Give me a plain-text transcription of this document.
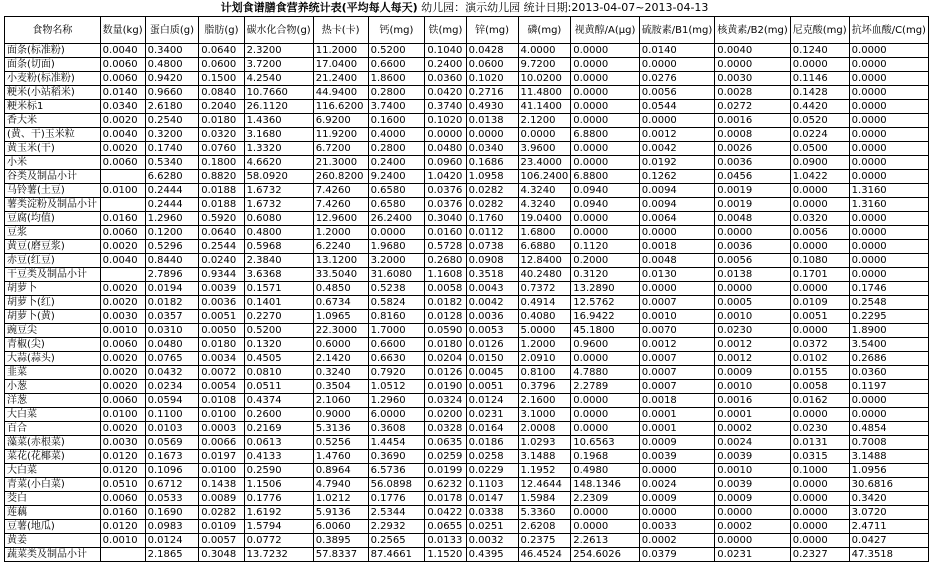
计划食谱膳食营养统计表(平均每人每天) 幼儿园：演示幼儿园 统计日期:2013-04-07~2013-04-13
食物名称	数量(kg)	蛋白质(g)	脂肪(g)	碳水化合物(g)	热卡(卡)	钙(mg)	铁(mg)	锌(mg)	磷(mg)	视黄醇/A(μg)	硫胺素/B1(mg)	核黄素/B2(mg)	尼克酸(mg)	抗坏血酸/C(mg)
面条(标准粉)	0.0040	0.3400	0.0640	2.3200	11.2000	0.5200	0.1040	0.0428	4.0000	0.0000	0.0140	0.0040	0.1240	0.0000
面条(切面)	0.0060	0.4800	0.0600	3.7200	17.0400	0.6600	0.2400	0.0600	9.7200	0.0000	0.0000	0.0000	0.0000	0.0000
小麦粉(标准粉)	0.0060	0.9420	0.1500	4.2540	21.2400	1.8600	0.0360	0.1020	10.0200	0.0000	0.0276	0.0030	0.1146	0.0000
粳米(小站稻米)	0.0140	0.9660	0.0840	10.7660	44.9400	0.2800	0.0420	0.2716	11.4800	0.0000	0.0056	0.0028	0.1428	0.0000
粳米标1	0.0340	2.6180	0.2040	26.1120	116.6200	3.7400	0.3740	0.4930	41.1400	0.0000	0.0544	0.0272	0.4420	0.0000
香大米	0.0020	0.2540	0.0180	1.4360	6.9200	0.1600	0.1020	0.0138	2.1200	0.0000	0.0000	0.0016	0.0520	0.0000
(黄、干)玉米粒	0.0040	0.3200	0.0320	3.1680	11.9200	0.4000	0.0000	0.0000	0.0000	6.8800	0.0012	0.0008	0.0224	0.0000
黄玉米(干)	0.0020	0.1740	0.0760	1.3320	6.7200	0.2800	0.0480	0.0340	3.9600	0.0000	0.0042	0.0026	0.0500	0.0000
小米	0.0060	0.5340	0.1800	4.6620	21.3000	0.2400	0.0960	0.1686	23.4000	0.0000	0.0192	0.0036	0.0900	0.0000
谷类及制品小计		6.6280	0.8820	58.0920	260.8200	9.2400	1.0420	1.0958	106.2400	6.8800	0.1262	0.0456	1.0422	0.0000
马铃薯(土豆)	0.0100	0.2444	0.0188	1.6732	7.4260	0.6580	0.0376	0.0282	4.3240	0.0940	0.0094	0.0019	0.0000	1.3160
薯类淀粉及制品小计		0.2444	0.0188	1.6732	7.4260	0.6580	0.0376	0.0282	4.3240	0.0940	0.0094	0.0019	0.0000	1.3160
豆腐(均值)	0.0160	1.2960	0.5920	0.6080	12.9600	26.2400	0.3040	0.1760	19.0400	0.0000	0.0064	0.0048	0.0320	0.0000
豆浆	0.0060	0.1200	0.0640	0.4800	1.2000	0.0000	0.0160	0.0112	1.6800	0.0000	0.0000	0.0000	0.0056	0.0000
黄豆(磨豆浆)	0.0020	0.5296	0.2544	0.5968	6.2240	1.9680	0.5728	0.0738	6.6880	0.1120	0.0018	0.0036	0.0000	0.0000
赤豆(红豆)	0.0040	0.8440	0.0240	2.3840	13.1200	3.2000	0.2680	0.0908	12.8400	0.2000	0.0048	0.0056	0.1080	0.0000
干豆类及制品小计		2.7896	0.9344	3.6368	33.5040	31.6080	1.1608	0.3518	40.2480	0.3120	0.0130	0.0138	0.1701	0.0000
胡萝卜	0.0020	0.0194	0.0039	0.1571	0.4850	0.5238	0.0058	0.0043	0.7372	13.2890	0.0000	0.0000	0.0000	0.1746
胡萝卜(红)	0.0020	0.0182	0.0036	0.1401	0.6734	0.5824	0.0182	0.0042	0.4914	12.5762	0.0007	0.0005	0.0109	0.2548
胡萝卜(黄)	0.0030	0.0357	0.0051	0.2270	1.0965	0.8160	0.0128	0.0036	0.4080	16.9422	0.0010	0.0010	0.0051	0.2295
豌豆尖	0.0010	0.0310	0.0050	0.5200	22.3000	1.7000	0.0590	0.0053	5.0000	45.1800	0.0070	0.0230	0.0000	1.8900
青椒(尖)	0.0060	0.0480	0.0180	0.1320	0.6000	0.6600	0.0180	0.0126	1.2000	0.9600	0.0012	0.0012	0.0372	3.5400
大蒜(蒜头)	0.0020	0.0765	0.0034	0.4505	2.1420	0.6630	0.0204	0.0150	2.0910	0.0000	0.0007	0.0012	0.0102	0.2686
韭菜	0.0020	0.0432	0.0072	0.0810	0.3240	0.7920	0.0126	0.0045	0.8100	4.7880	0.0007	0.0009	0.0155	0.0360
小葱	0.0020	0.0234	0.0054	0.0511	0.3504	1.0512	0.0190	0.0051	0.3796	2.2789	0.0007	0.0010	0.0058	0.1197
洋葱	0.0060	0.0594	0.0108	0.4374	2.1060	1.2960	0.0324	0.0124	2.1600	0.0000	0.0018	0.0016	0.0162	0.0000
大白菜	0.0100	0.1100	0.0100	0.2600	0.9000	6.0000	0.0200	0.0231	3.1000	0.0000	0.0001	0.0001	0.0000	0.0000
百合	0.0020	0.0103	0.0003	0.2169	5.3136	0.3608	0.0328	0.0164	2.0008	0.0000	0.0001	0.0002	0.0230	0.4854
藻菜(赤根菜)	0.0030	0.0569	0.0066	0.0613	0.5256	1.4454	0.0635	0.0186	1.0293	10.6563	0.0009	0.0024	0.0131	0.7008
菜花(花椰菜)	0.0120	0.1673	0.0197	0.4133	1.4760	0.3690	0.0259	0.0258	3.1488	0.1968	0.0039	0.0039	0.0315	3.1488
大白菜	0.0120	0.1096	0.0100	0.2590	0.8964	6.5736	0.0199	0.0229	1.1952	0.4980	0.0000	0.0010	0.1000	1.0956
青菜(小白菜)	0.0510	0.6712	0.1438	1.1506	4.7940	56.0898	0.6232	0.1103	12.4644	148.1346	0.0024	0.0039	0.0000	30.6816
茭白	0.0060	0.0533	0.0089	0.1776	1.0212	0.1776	0.0178	0.0147	1.5984	2.2309	0.0009	0.0009	0.0000	0.3420
莲藕	0.0160	0.1690	0.0282	1.6192	5.9136	2.5344	0.0422	0.0338	5.3360	0.0000	0.0000	0.0000	0.0000	3.0720
豆薯(地瓜)	0.0120	0.0983	0.0109	1.5794	6.0060	2.2932	0.0655	0.0251	2.6208	0.0000	0.0033	0.0002	0.0000	2.4711
黄姜	0.0010	0.0124	0.0057	0.0772	0.3895	0.2565	0.0133	0.0032	0.2375	2.2613	0.0002	0.0000	0.0000	0.0427
蔬菜类及制品小计		2.1865	0.3048	13.7232	57.8337	87.4661	1.1520	0.4395	46.4524	254.6026	0.0379	0.0231	0.2327	47.3518
